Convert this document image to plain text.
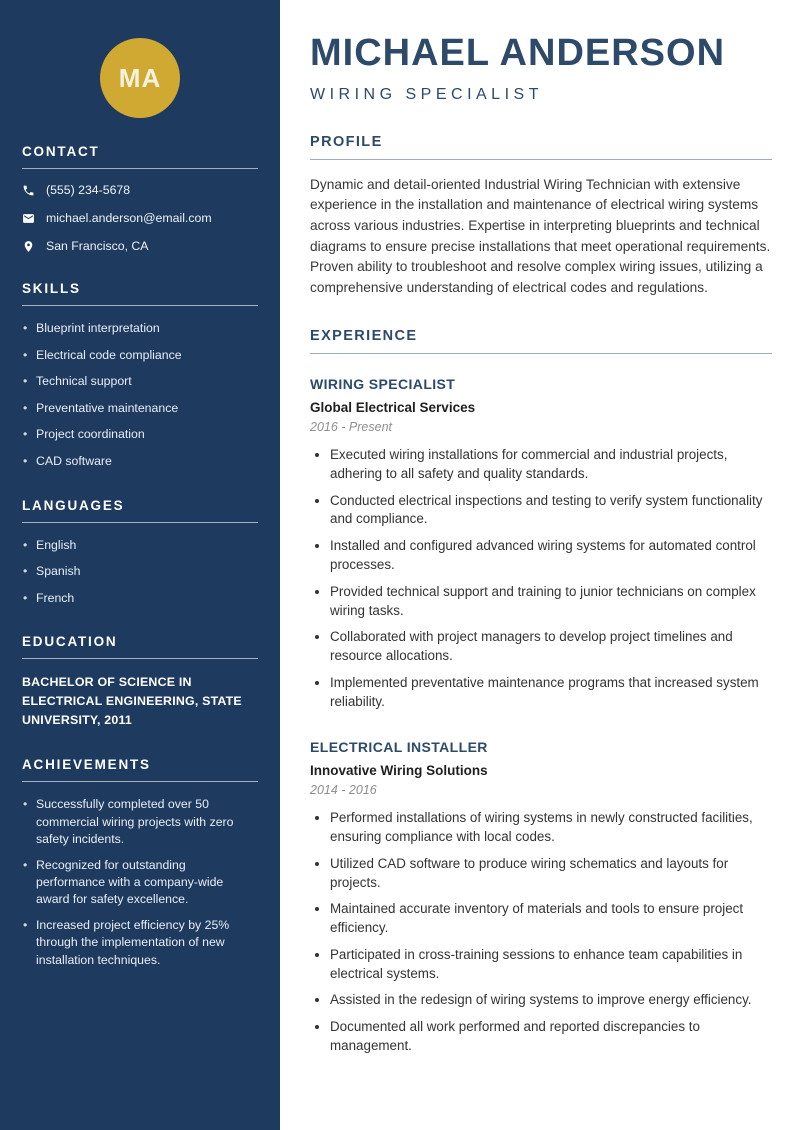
MA
CONTACT
(555) 234-5678
michael.anderson@email.com
San Francisco, CA
SKILLS
• Blueprint interpretation
• Electrical code compliance
• Technical support
• Preventative maintenance
• Project coordination
• CAD software
LANGUAGES
• English
• Spanish
• French
EDUCATION

BACHELOR OF SCIENCE IN ELECTRICAL ENGINEERING, STATE UNIVERSITY, 2011

ACHIEVEMENTS
• Successfully completed over 50 commercial wiring projects with zero safety incidents.
• Recognized for outstanding performance with a company-wide award for safety excellence.
• Increased project efficiency by 25% through the implementation of new installation techniques.
MICHAEL ANDERSON
WIRING SPECIALIST
PROFILE

Dynamic and detail-oriented Industrial Wiring Technician with extensive experience in the installation and maintenance of electrical wiring systems across various industries. Expertise in interpreting blueprints and technical diagrams to ensure precise installations that meet operational requirements. Proven ability to troubleshoot and resolve complex wiring issues, utilizing a comprehensive understanding of electrical codes and regulations.

EXPERIENCE
WIRING SPECIALIST
Global Electrical Services
2016 - Present
• Executed wiring installations for commercial and industrial projects, adhering to all safety and quality standards.
• Conducted electrical inspections and testing to verify system functionality and compliance.
• Installed and configured advanced wiring systems for automated control processes.
• Provided technical support and training to junior technicians on complex wiring tasks.
• Collaborated with project managers to develop project timelines and resource allocations.
• Implemented preventative maintenance programs that increased system reliability.
ELECTRICAL INSTALLER
Innovative Wiring Solutions
2014 - 2016
• Performed installations of wiring systems in newly constructed facilities, ensuring compliance with local codes.
• Utilized CAD software to produce wiring schematics and layouts for projects.
• Maintained accurate inventory of materials and tools to ensure project efficiency.
• Participated in cross-training sessions to enhance team capabilities in electrical systems.
• Assisted in the redesign of wiring systems to improve energy efficiency.
• Documented all work performed and reported discrepancies to management.
